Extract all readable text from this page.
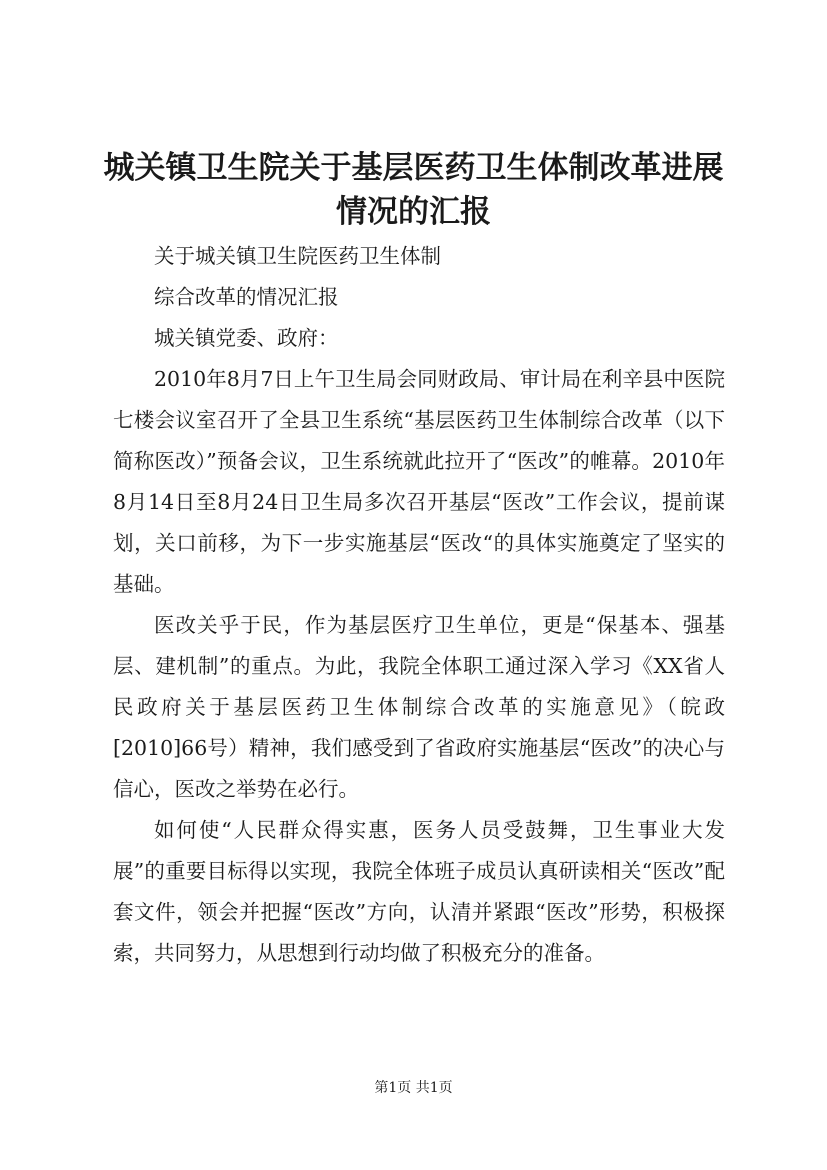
城关镇卫生院关于基层医药卫生体制改革进展
情况的汇报

关于城关镇卫生院医药卫生体制

综合改革的情况汇报

城关镇党委、政府：

2010年8月7日上午卫生局会同财政局、审计局在利辛县中医院七楼会议室召开了全县卫生系统“基层医药卫生体制综合改革（以下简称医改）”预备会议，卫生系统就此拉开了“医改”的帷幕。2010年8月14日至8月24日卫生局多次召开基层“医改”工作会议，提前谋划，关口前移，为下一步实施基层“医改“的具体实施奠定了坚实的基础。

医改关乎于民，作为基层医疗卫生单位，更是“保基本、强基层、建机制”的重点。为此，我院全体职工通过深入学习《XX省人民政府关于基层医药卫生体制综合改革的实施意见》（皖政[2010]66号）精神，我们感受到了省政府实施基层“医改”的决心与信心，医改之举势在必行。

如何使“人民群众得实惠，医务人员受鼓舞，卫生事业大发展”的重要目标得以实现，我院全体班子成员认真研读相关“医改”配套文件，领会并把握“医改”方向，认清并紧跟“医改”形势，积极探索，共同努力，从思想到行动均做了积极充分的准备。

第1页 共1页
